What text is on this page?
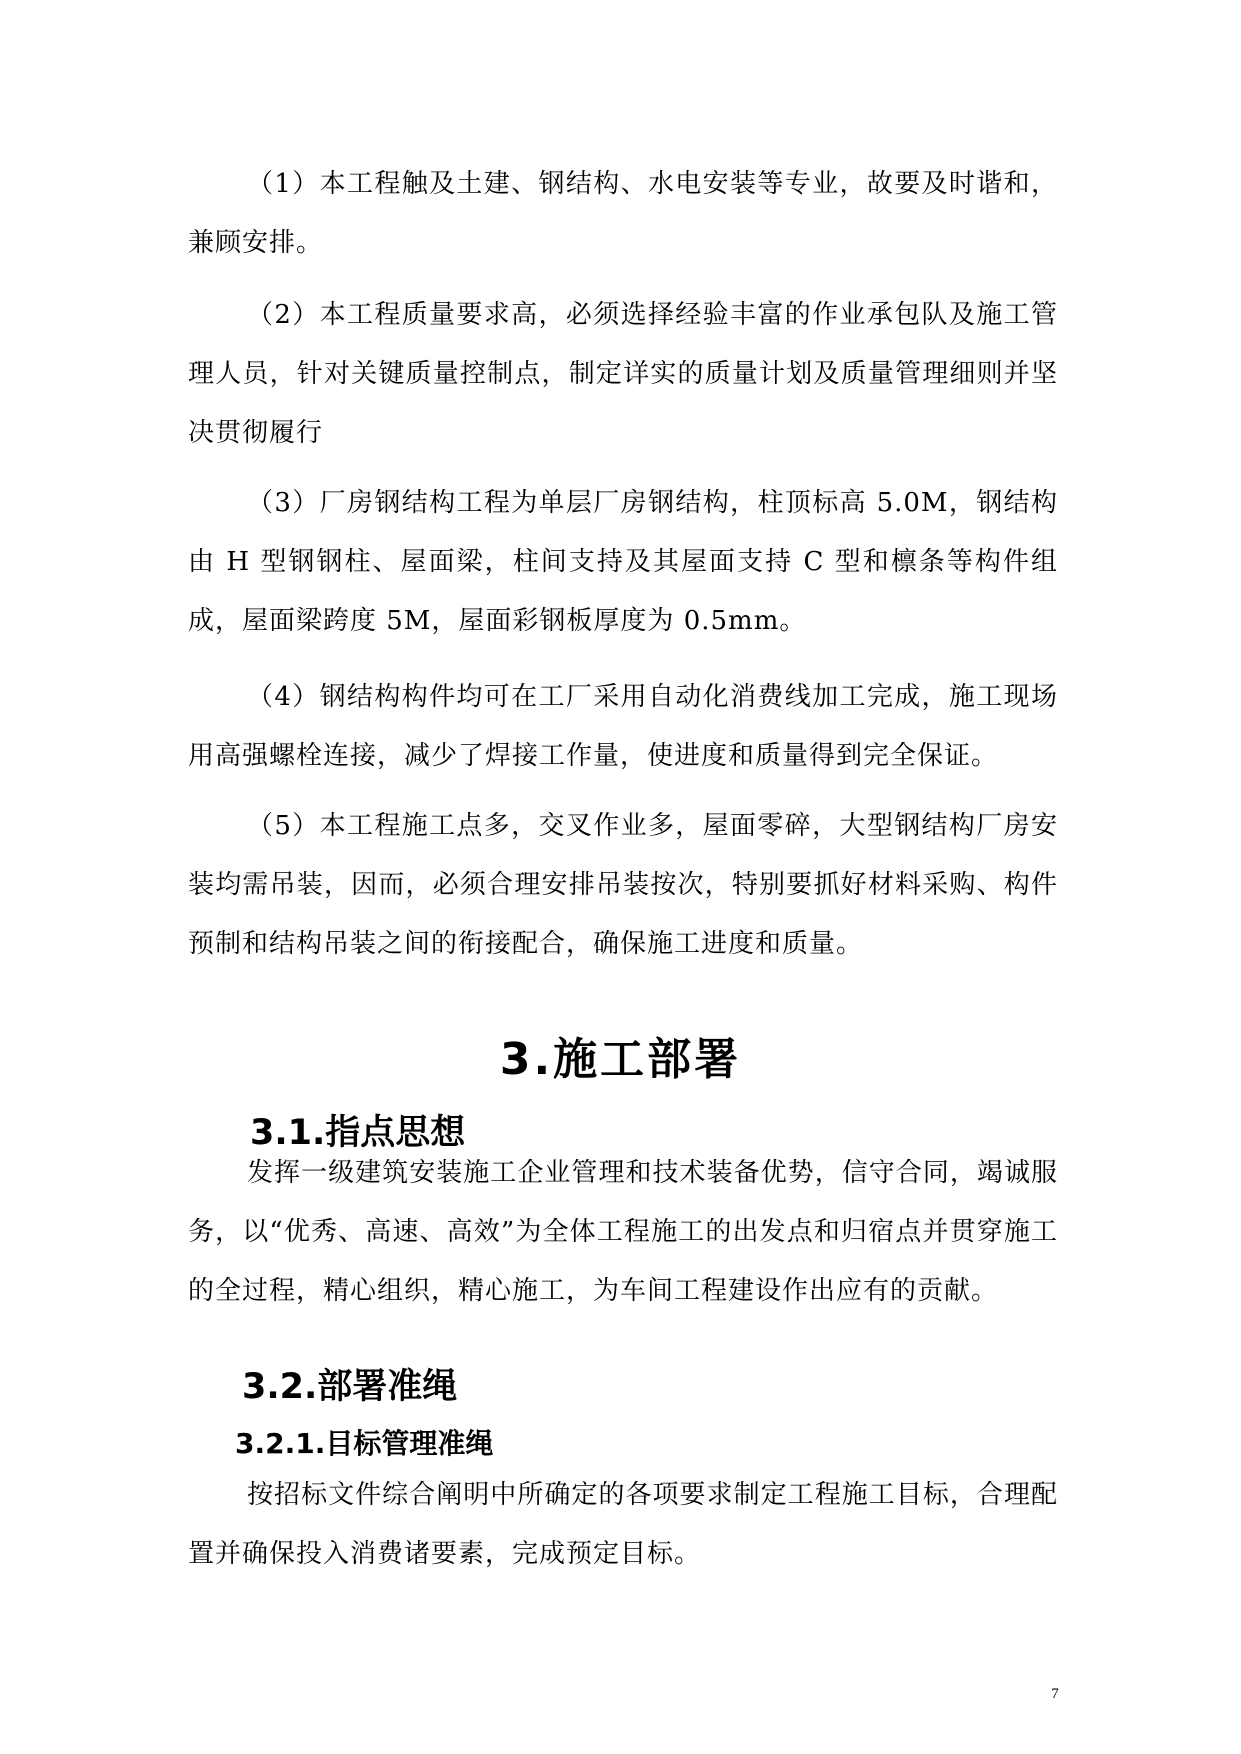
（1）本工程触及土建、钢结构、水电安装等专业，故要及时谐和，兼顾安排。

（2）本工程质量要求高，必须选择经验丰富的作业承包队及施工管理人员，针对关键质量控制点，制定详实的质量计划及质量管理细则并坚决贯彻履行

（3）厂房钢结构工程为单层厂房钢结构，柱顶标高 5.0M，钢结构由 H 型钢钢柱、屋面梁，柱间支持及其屋面支持 C 型和檩条等构件组成，屋面梁跨度 5M，屋面彩钢板厚度为 0.5mm。

（4）钢结构构件均可在工厂采用自动化消费线加工完成，施工现场用高强螺栓连接，减少了焊接工作量，使进度和质量得到完全保证。

（5）本工程施工点多，交叉作业多，屋面零碎，大型钢结构厂房安装均需吊装，因而，必须合理安排吊装按次，特别要抓好材料采购、构件预制和结构吊装之间的衔接配合，确保施工进度和质量。

3.施工部署
3.1.指点思想

发挥一级建筑安装施工企业管理和技术装备优势，信守合同，竭诚服务，以“优秀、高速、高效”为全体工程施工的出发点和归宿点并贯穿施工的全过程，精心组织，精心施工，为车间工程建设作出应有的贡献。

3.2.部署准绳
3.2.1.目标管理准绳

按招标文件综合阐明中所确定的各项要求制定工程施工目标，合理配置并确保投入消费诸要素，完成预定目标。

7
